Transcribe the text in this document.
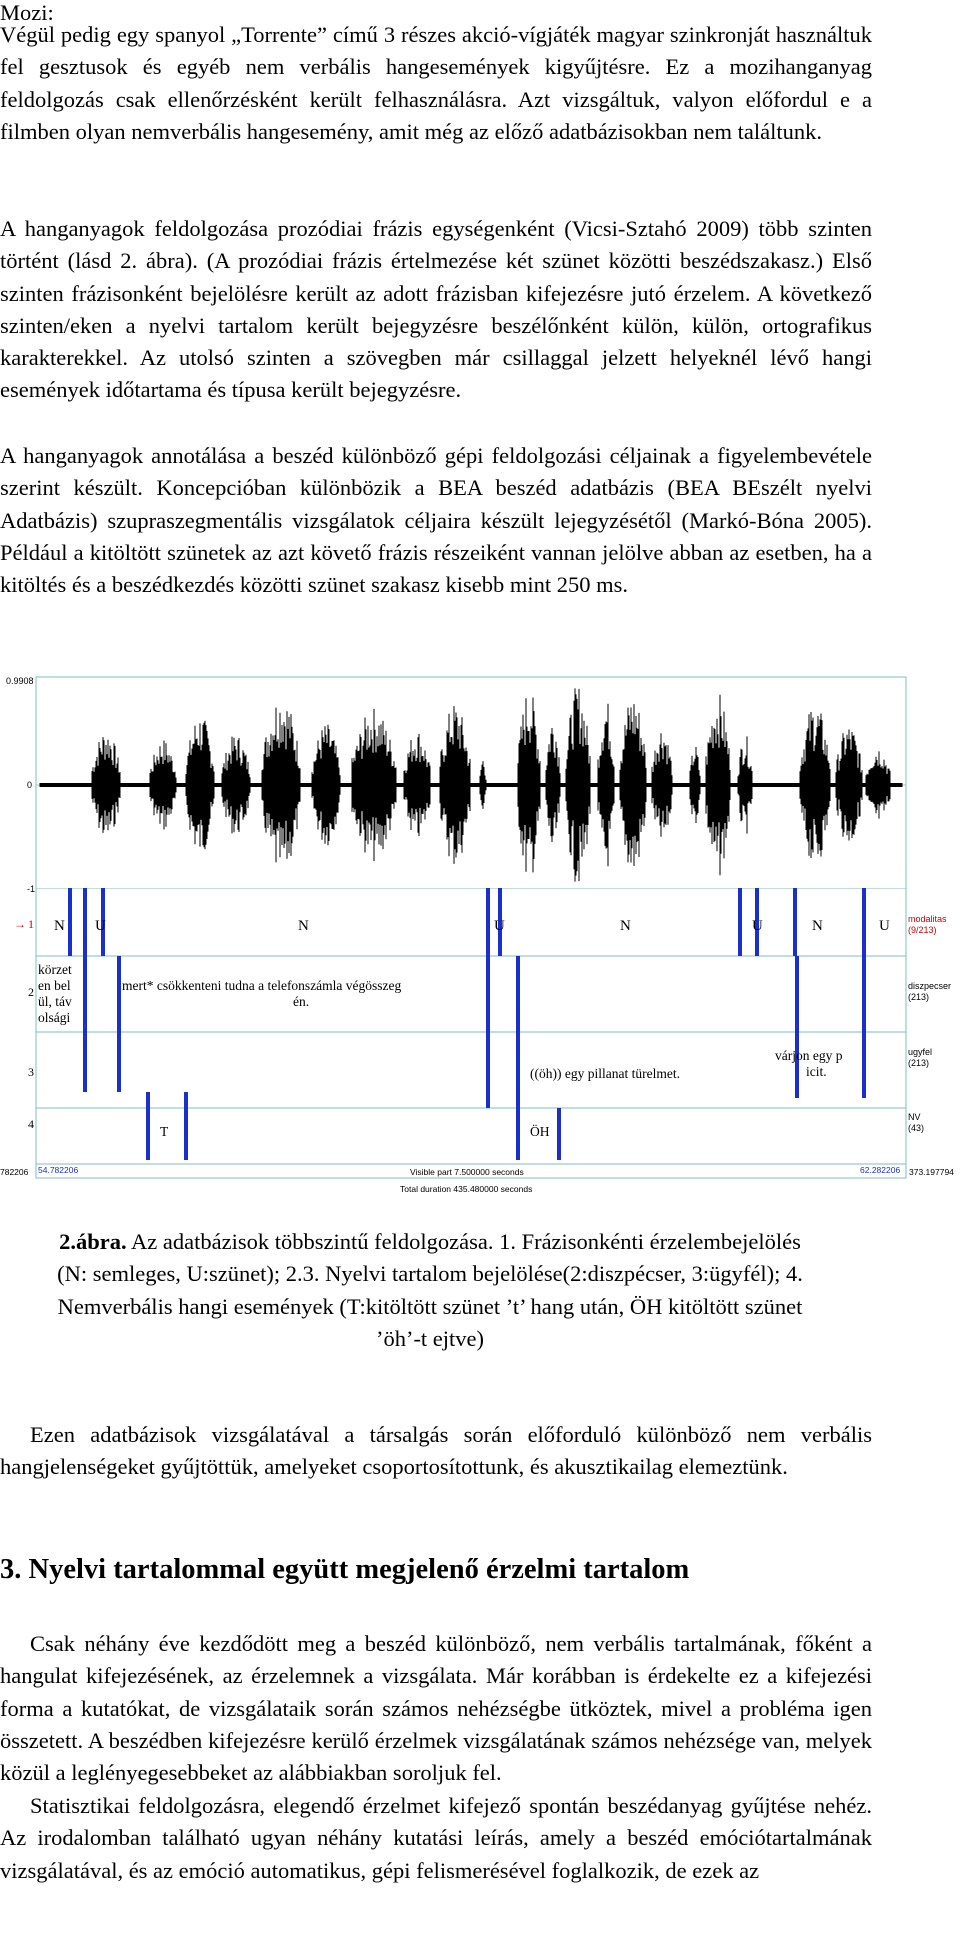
Mozi:

Végül pedig egy spanyol „Torrente” című 3 részes akció-vígjáték magyar szinkronját használtuk fel gesztusok és egyéb nem verbális hangesemények kigyűjtésre. Ez a mozihanganyag feldolgozás csak ellenőrzésként került felhasználásra. Azt vizsgáltuk, valyon előfordul e a filmben olyan nemverbális hangesemény, amit még az előző adatbázisokban nem találtunk.

A hanganyagok feldolgozása prozódiai frázis egységenként (Vicsi-Sztahó 2009) több szinten történt (lásd 2. ábra). (A prozódiai frázis értelmezése két szünet közötti beszédszakasz.) Első szinten frázisonként bejelölésre került az adott frázisban kifejezésre jutó érzelem. A következő szinten/eken a nyelvi tartalom került bejegyzésre beszélőnként külön, külön, ortografikus karakterekkel. Az utolsó szinten a szövegben már csillaggal jelzett helyeknél lévő hangi események időtartama és típusa került bejegyzésre.

A hanganyagok annotálása a beszéd különböző gépi feldolgozási céljainak a figyelembevétele szerint készült. Koncepcióban különbözik a BEA beszéd adatbázis (BEA BEszélt nyelvi Adatbázis) szupraszegmentális vizsgálatok céljaira készült lejegyzésétől (Markó-Bóna 2005). Például a kitöltött szünetek az azt követő frázis részeiként vannan jelölve abban az esetben, ha a kitöltés és a beszédkezdés közötti szünet szakasz kisebb mint 250 ms.

0.9908
0
-1
→ 1
2
3
4
modalitas
(9/213)
diszpecser
(213)
ugyfel
(213)
NV
(43)
N U	N	U	N	U	N	U
körzet
en bel
ül, táv
olsági
mert* csökkenteni tudna a telefonszámla végösszeg
én.
((öh)) egy pillanat türelmet.
várjon egy p
icit.
T	ÖH
782206 54.782206	Visible part 7.500000 seconds	62.282206 373.197794
Total duration 435.480000 seconds

2.ábra. Az adatbázisok többszintű feldolgozása. 1. Frázisonkénti érzelembejelölés (N: semleges, U:szünet); 2.3. Nyelvi tartalom bejelölése(2:diszpécser, 3:ügyfél); 4. Nemverbális hangi események (T:kitöltött szünet ’t’ hang után, ÖH kitöltött szünet ’öh’-t ejtve)

Ezen adatbázisok vizsgálatával a társalgás során előforduló különböző nem verbális hangjelenségeket gyűjtöttük, amelyeket csoportosítottunk, és akusztikailag elemeztünk.

3. Nyelvi tartalommal együtt megjelenő érzelmi tartalom

Csak néhány éve kezdődött meg a beszéd különböző, nem verbális tartalmának, főként a hangulat kifejezésének, az érzelemnek a vizsgálata. Már korábban is érdekelte ez a kifejezési forma a kutatókat, de vizsgálataik során számos nehézségbe ütköztek, mivel a probléma igen összetett. A beszédben kifejezésre kerülő érzelmek vizsgálatának számos nehézsége van, melyek közül a leglényegesebbeket az alábbiakban soroljuk fel.

Statisztikai feldolgozásra, elegendő érzelmet kifejező spontán beszédanyag gyűjtése nehéz. Az irodalomban található ugyan néhány kutatási leírás, amely a beszéd emóciótartalmának vizsgálatával, és az emóció automatikus, gépi felismerésével foglalkozik, de ezek az
